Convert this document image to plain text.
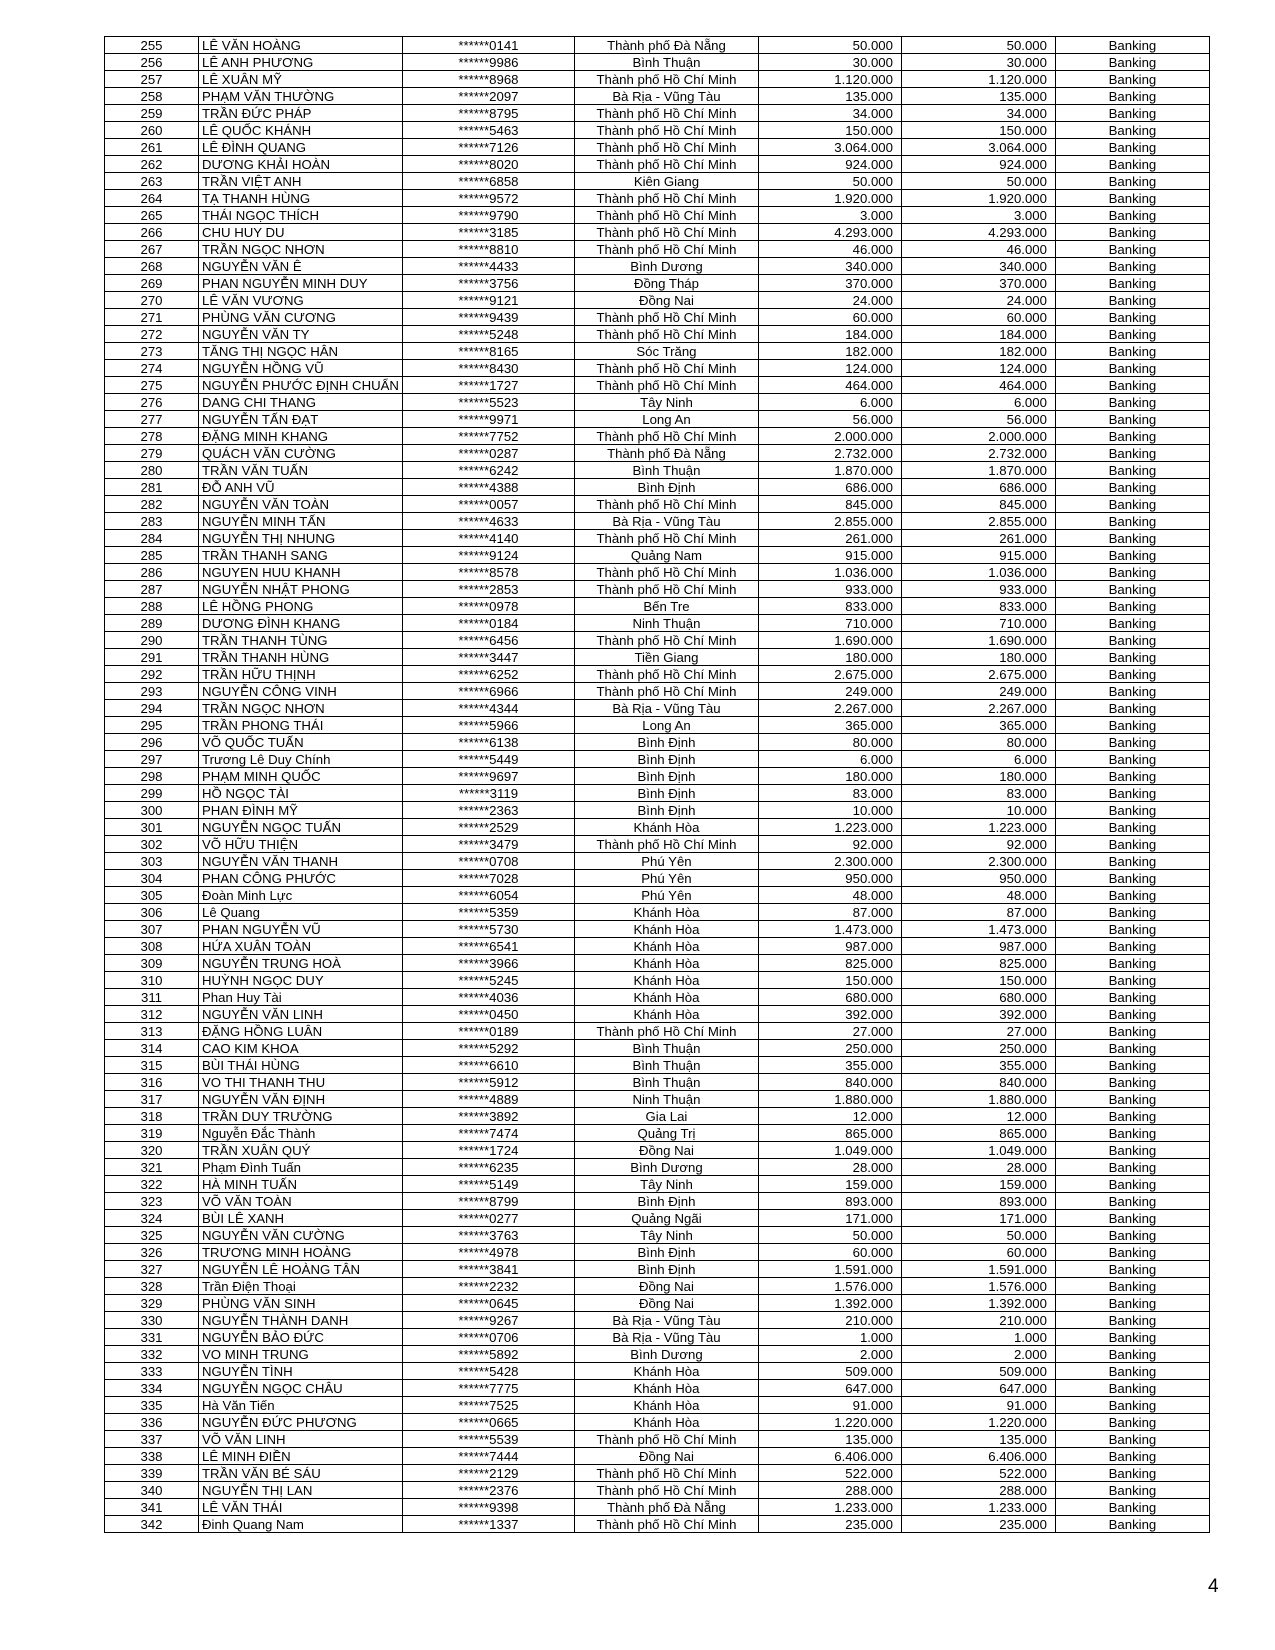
255	LÊ VĂN HOÀNG	******0141	Thành phố Đà Nẵng	50.000	50.000	Banking
256	LÊ ANH PHƯƠNG	******9986	Bình Thuận	30.000	30.000	Banking
257	LÊ XUÂN MỸ	******8968	Thành phố Hồ Chí Minh	1.120.000	1.120.000	Banking
258	PHẠM VĂN THƯỜNG	******2097	Bà Rịa - Vũng Tàu	135.000	135.000	Banking
259	TRẦN ĐỨC PHÁP	******8795	Thành phố Hồ Chí Minh	34.000	34.000	Banking
260	LÊ QUỐC KHÁNH	******5463	Thành phố Hồ Chí Minh	150.000	150.000	Banking
261	LÊ ĐÌNH QUANG	******7126	Thành phố Hồ Chí Minh	3.064.000	3.064.000	Banking
262	DƯƠNG KHẢI HOÀN	******8020	Thành phố Hồ Chí Minh	924.000	924.000	Banking
263	TRẦN VIỆT ANH	******6858	Kiên Giang	50.000	50.000	Banking
264	TẠ THANH HÙNG	******9572	Thành phố Hồ Chí Minh	1.920.000	1.920.000	Banking
265	THÁI NGỌC THÍCH	******9790	Thành phố Hồ Chí Minh	3.000	3.000	Banking
266	CHU HUY DU	******3185	Thành phố Hồ Chí Minh	4.293.000	4.293.000	Banking
267	TRẦN NGỌC NHƠN	******8810	Thành phố Hồ Chí Minh	46.000	46.000	Banking
268	NGUYỄN VĂN Ê	******4433	Bình Dương	340.000	340.000	Banking
269	PHAN NGUYỄN MINH DUY	******3756	Đồng Tháp	370.000	370.000	Banking
270	LÊ VĂN VƯƠNG	******9121	Đồng Nai	24.000	24.000	Banking
271	PHÙNG VĂN CƯƠNG	******9439	Thành phố Hồ Chí Minh	60.000	60.000	Banking
272	NGUYỄN VĂN TY	******5248	Thành phố Hồ Chí Minh	184.000	184.000	Banking
273	TĂNG THỊ NGỌC HÂN	******8165	Sóc Trăng	182.000	182.000	Banking
274	NGUYỄN HỒNG VŨ	******8430	Thành phố Hồ Chí Minh	124.000	124.000	Banking
275	NGUYỄN PHƯỚC ĐỊNH CHUẨN	******1727	Thành phố Hồ Chí Minh	464.000	464.000	Banking
276	DANG CHI THANG	******5523	Tây Ninh	6.000	6.000	Banking
277	NGUYỄN TẤN ĐẠT	******9971	Long An	56.000	56.000	Banking
278	ĐẶNG MINH KHANG	******7752	Thành phố Hồ Chí Minh	2.000.000	2.000.000	Banking
279	QUÁCH VĂN CƯỜNG	******0287	Thành phố Đà Nẵng	2.732.000	2.732.000	Banking
280	TRẦN VĂN TUẤN	******6242	Bình Thuận	1.870.000	1.870.000	Banking
281	ĐỖ ANH VŨ	******4388	Bình Định	686.000	686.000	Banking
282	NGUYỄN VĂN TOÀN	******0057	Thành phố Hồ Chí Minh	845.000	845.000	Banking
283	NGUYỄN MINH TẤN	******4633	Bà Rịa - Vũng Tàu	2.855.000	2.855.000	Banking
284	NGUYỄN THỊ NHUNG	******4140	Thành phố Hồ Chí Minh	261.000	261.000	Banking
285	TRẦN THANH SANG	******9124	Quảng Nam	915.000	915.000	Banking
286	NGUYEN HUU KHANH	******8578	Thành phố Hồ Chí Minh	1.036.000	1.036.000	Banking
287	NGUYỄN NHẬT PHONG	******2853	Thành phố Hồ Chí Minh	933.000	933.000	Banking
288	LÊ HỒNG PHONG	******0978	Bến Tre	833.000	833.000	Banking
289	DƯƠNG ĐÌNH KHANG	******0184	Ninh Thuận	710.000	710.000	Banking
290	TRẦN THANH TÙNG	******6456	Thành phố Hồ Chí Minh	1.690.000	1.690.000	Banking
291	TRẦN THANH HÙNG	******3447	Tiền Giang	180.000	180.000	Banking
292	TRẦN HỮU THỊNH	******6252	Thành phố Hồ Chí Minh	2.675.000	2.675.000	Banking
293	NGUYỄN CÔNG VINH	******6966	Thành phố Hồ Chí Minh	249.000	249.000	Banking
294	TRẦN NGỌC NHƠN	******4344	Bà Rịa - Vũng Tàu	2.267.000	2.267.000	Banking
295	TRẦN PHONG THÁI	******5966	Long An	365.000	365.000	Banking
296	VÕ QUỐC TUẤN	******6138	Bình Định	80.000	80.000	Banking
297	Trương Lê Duy Chính	******5449	Bình Định	6.000	6.000	Banking
298	PHẠM MINH QUỐC	******9697	Bình Định	180.000	180.000	Banking
299	HỒ NGỌC TÀI	******3119	Bình Định	83.000	83.000	Banking
300	PHAN ĐÌNH MỸ	******2363	Bình Định	10.000	10.000	Banking
301	NGUYỄN NGỌC TUẤN	******2529	Khánh Hòa	1.223.000	1.223.000	Banking
302	VÕ HỮU THIỆN	******3479	Thành phố Hồ Chí Minh	92.000	92.000	Banking
303	NGUYỄN VĂN THANH	******0708	Phú Yên	2.300.000	2.300.000	Banking
304	PHAN CÔNG PHƯỚC	******7028	Phú Yên	950.000	950.000	Banking
305	Đoàn Minh Lực	******6054	Phú Yên	48.000	48.000	Banking
306	Lê Quang	******5359	Khánh Hòa	87.000	87.000	Banking
307	PHAN NGUYỄN VŨ	******5730	Khánh Hòa	1.473.000	1.473.000	Banking
308	HỨA XUÂN TOÀN	******6541	Khánh Hòa	987.000	987.000	Banking
309	NGUYỄN TRUNG HOÀ	******3966	Khánh Hòa	825.000	825.000	Banking
310	HUỲNH NGỌC DUY	******5245	Khánh Hòa	150.000	150.000	Banking
311	Phan Huy Tài	******4036	Khánh Hòa	680.000	680.000	Banking
312	NGUYỄN VĂN LINH	******0450	Khánh Hòa	392.000	392.000	Banking
313	ĐẶNG HỒNG LUÂN	******0189	Thành phố Hồ Chí Minh	27.000	27.000	Banking
314	CAO KIM KHOA	******5292	Bình Thuận	250.000	250.000	Banking
315	BÙI THÁI HÙNG	******6610	Bình Thuận	355.000	355.000	Banking
316	VO THI THANH THU	******5912	Bình Thuận	840.000	840.000	Banking
317	NGUYỄN VĂN ĐỊNH	******4889	Ninh Thuận	1.880.000	1.880.000	Banking
318	TRẦN DUY TRƯỜNG	******3892	Gia Lai	12.000	12.000	Banking
319	Nguyễn Đắc Thành	******7474	Quảng Trị	865.000	865.000	Banking
320	TRẦN XUÂN QUÝ	******1724	Đồng Nai	1.049.000	1.049.000	Banking
321	Phạm Đình Tuấn	******6235	Bình Dương	28.000	28.000	Banking
322	HÀ MINH TUẤN	******5149	Tây Ninh	159.000	159.000	Banking
323	VÕ VĂN TOÀN	******8799	Bình Định	893.000	893.000	Banking
324	BÙI LÊ XANH	******0277	Quảng Ngãi	171.000	171.000	Banking
325	NGUYỄN VĂN CƯỜNG	******3763	Tây Ninh	50.000	50.000	Banking
326	TRƯƠNG MINH HOÀNG	******4978	Bình Định	60.000	60.000	Banking
327	NGUYỄN LÊ HOÀNG TÂN	******3841	Bình Định	1.591.000	1.591.000	Banking
328	Trần Điện Thoại	******2232	Đồng Nai	1.576.000	1.576.000	Banking
329	PHÙNG VĂN SINH	******0645	Đồng Nai	1.392.000	1.392.000	Banking
330	NGUYỄN THÀNH DANH	******9267	Bà Rịa - Vũng Tàu	210.000	210.000	Banking
331	NGUYỄN BẢO ĐỨC	******0706	Bà Rịa - Vũng Tàu	1.000	1.000	Banking
332	VO MINH TRUNG	******5892	Bình Dương	2.000	2.000	Banking
333	NGUYỄN TÌNH	******5428	Khánh Hòa	509.000	509.000	Banking
334	NGUYỄN NGỌC CHÂU	******7775	Khánh Hòa	647.000	647.000	Banking
335	Hà Văn Tiến	******7525	Khánh Hòa	91.000	91.000	Banking
336	NGUYỄN ĐỨC PHƯƠNG	******0665	Khánh Hòa	1.220.000	1.220.000	Banking
337	VÕ VĂN LINH	******5539	Thành phố Hồ Chí Minh	135.000	135.000	Banking
338	LÊ MINH ĐIỀN	******7444	Đồng Nai	6.406.000	6.406.000	Banking
339	TRẦN VĂN BÉ SÁU	******2129	Thành phố Hồ Chí Minh	522.000	522.000	Banking
340	NGUYỄN THỊ LAN	******2376	Thành phố Hồ Chí Minh	288.000	288.000	Banking
341	LÊ VĂN THÁI	******9398	Thành phố Đà Nẵng	1.233.000	1.233.000	Banking
342	Đinh Quang Nam	******1337	Thành phố Hồ Chí Minh	235.000	235.000	Banking
4
